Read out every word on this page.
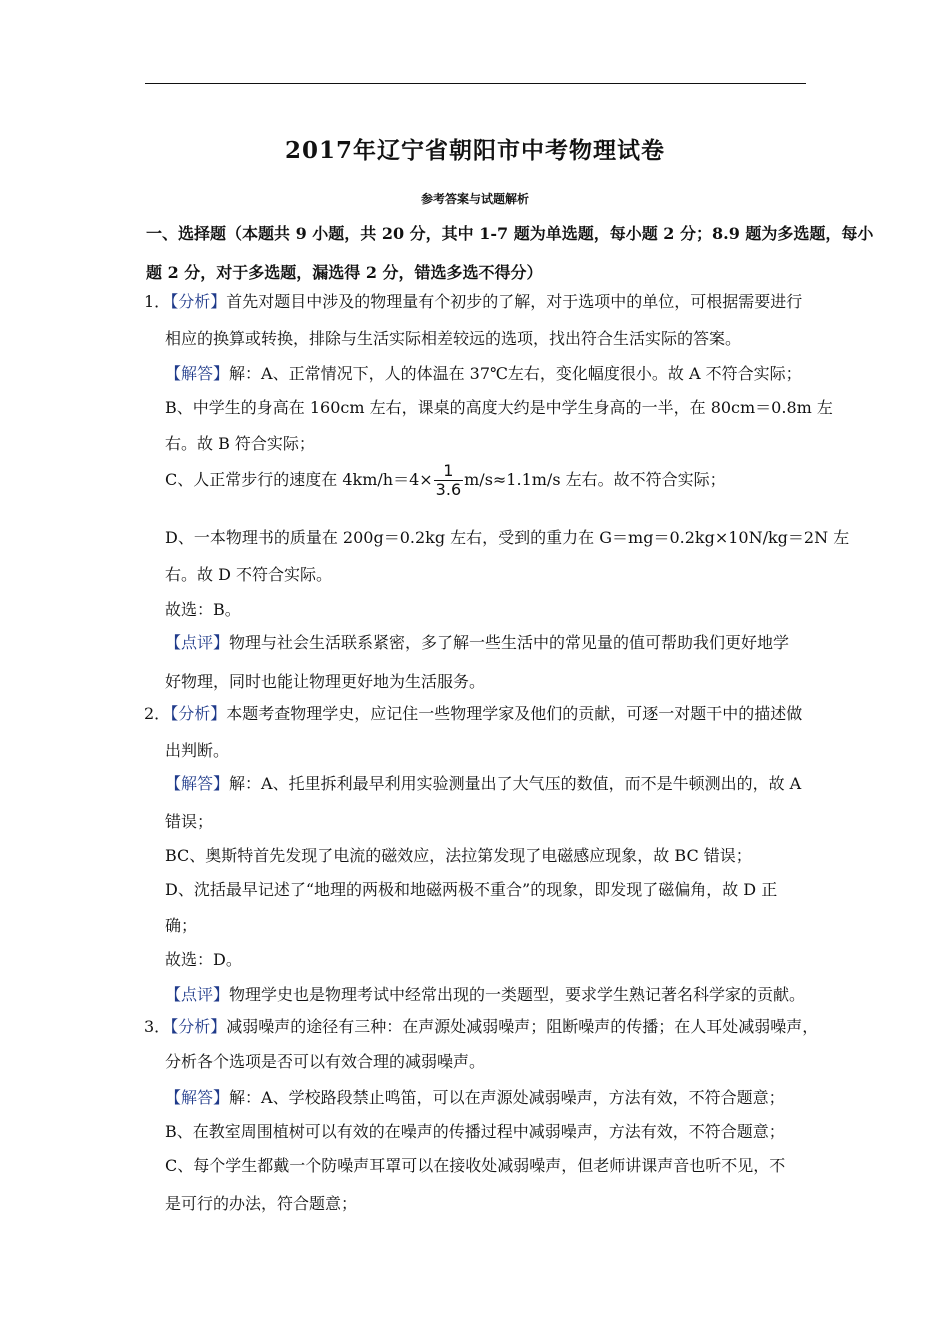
2017年辽宁省朝阳市中考物理试卷
参考答案与试题解析
一、选择题（本题共 9 小题，共 20 分，其中 1-7 题为单选题，每小题 2 分；8.9 题为多选题，每小
题 2 分，对于多选题，漏选得 2 分，错选多选不得分）
1．【分析】首先对题目中涉及的物理量有个初步的了解，对于选项中的单位，可根据需要进行
相应的换算或转换，排除与生活实际相差较远的选项，找出符合生活实际的答案。
【解答】解：A、正常情况下，人的体温在 37℃左右，变化幅度很小。故 A 不符合实际；
B、中学生的身高在 160cm 左右，课桌的高度大约是中学生身高的一半，在 80cm＝0.8m 左
右。故 B 符合实际；
C、人正常步行的速度在 $4km/h=4\times \frac{1}{3.6} m/s\approx 1.1m/s$ 左右。故不符合实际；
D、一本物理书的质量在 200g＝0.2kg 左右，受到的重力在 G＝mg＝0.2kg×10N/kg＝2N 左
右。故 D 不符合实际。
故选：B。
【点评】物理与社会生活联系紧密，多了解一些生活中的常见量的值可帮助我们更好地学
好物理，同时也能让物理更好地为生活服务。
2．【分析】本题考查物理学史，应记住一些物理学家及他们的贡献，可逐一对题干中的描述做
出判断。
【解答】解：A、托里拆利最早利用实验测量出了大气压的数值，而不是牛顿测出的，故 A
错误；
BC、奥斯特首先发现了电流的磁效应，法拉第发现了电磁感应现象，故 BC 错误；
D、沈括最早记述了“地理的两极和地磁两极不重合”的现象，即发现了磁偏角，故 D 正
确；
故选：D。
【点评】物理学史也是物理考试中经常出现的一类题型，要求学生熟记著名科学家的贡献。
3．【分析】减弱噪声的途径有三种：在声源处减弱噪声；阻断噪声的传播；在人耳处减弱噪声，
分析各个选项是否可以有效合理的减弱噪声。
【解答】解：A、学校路段禁止鸣笛，可以在声源处减弱噪声，方法有效，不符合题意；
B、在教室周围植树可以有效的在噪声的传播过程中减弱噪声，方法有效，不符合题意；
C、每个学生都戴一个防噪声耳罩可以在接收处减弱噪声，但老师讲课声音也听不见，不
是可行的办法，符合题意；
